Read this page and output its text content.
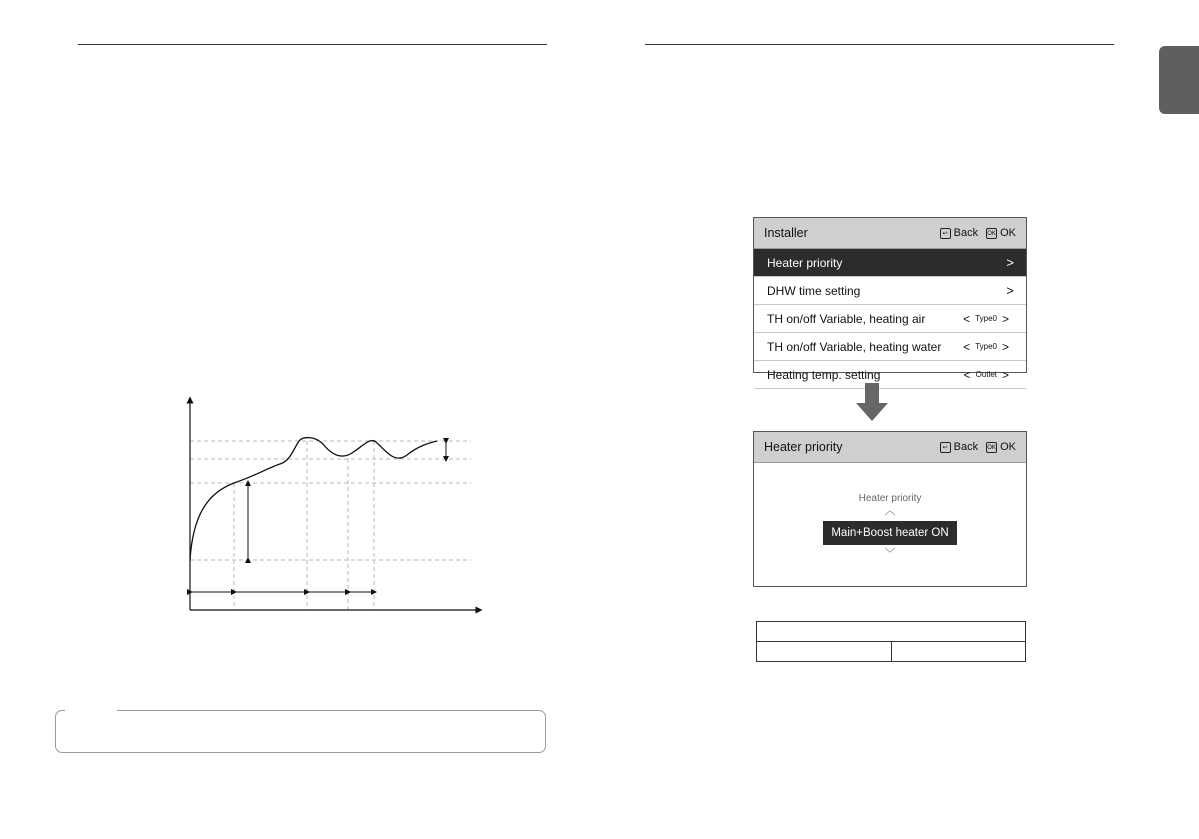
Installer	↩ Back OK OK
Heater priority	>
DHW time setting	>
TH on/off Variable, heating air	< Type0 >
TH on/off Variable, heating water	< Type0 >
Heating temp. setting	< Outlet >
Heater priority	↩ Back OK OK
Heater priority
︿
Main+Boost heater ON
﹀
